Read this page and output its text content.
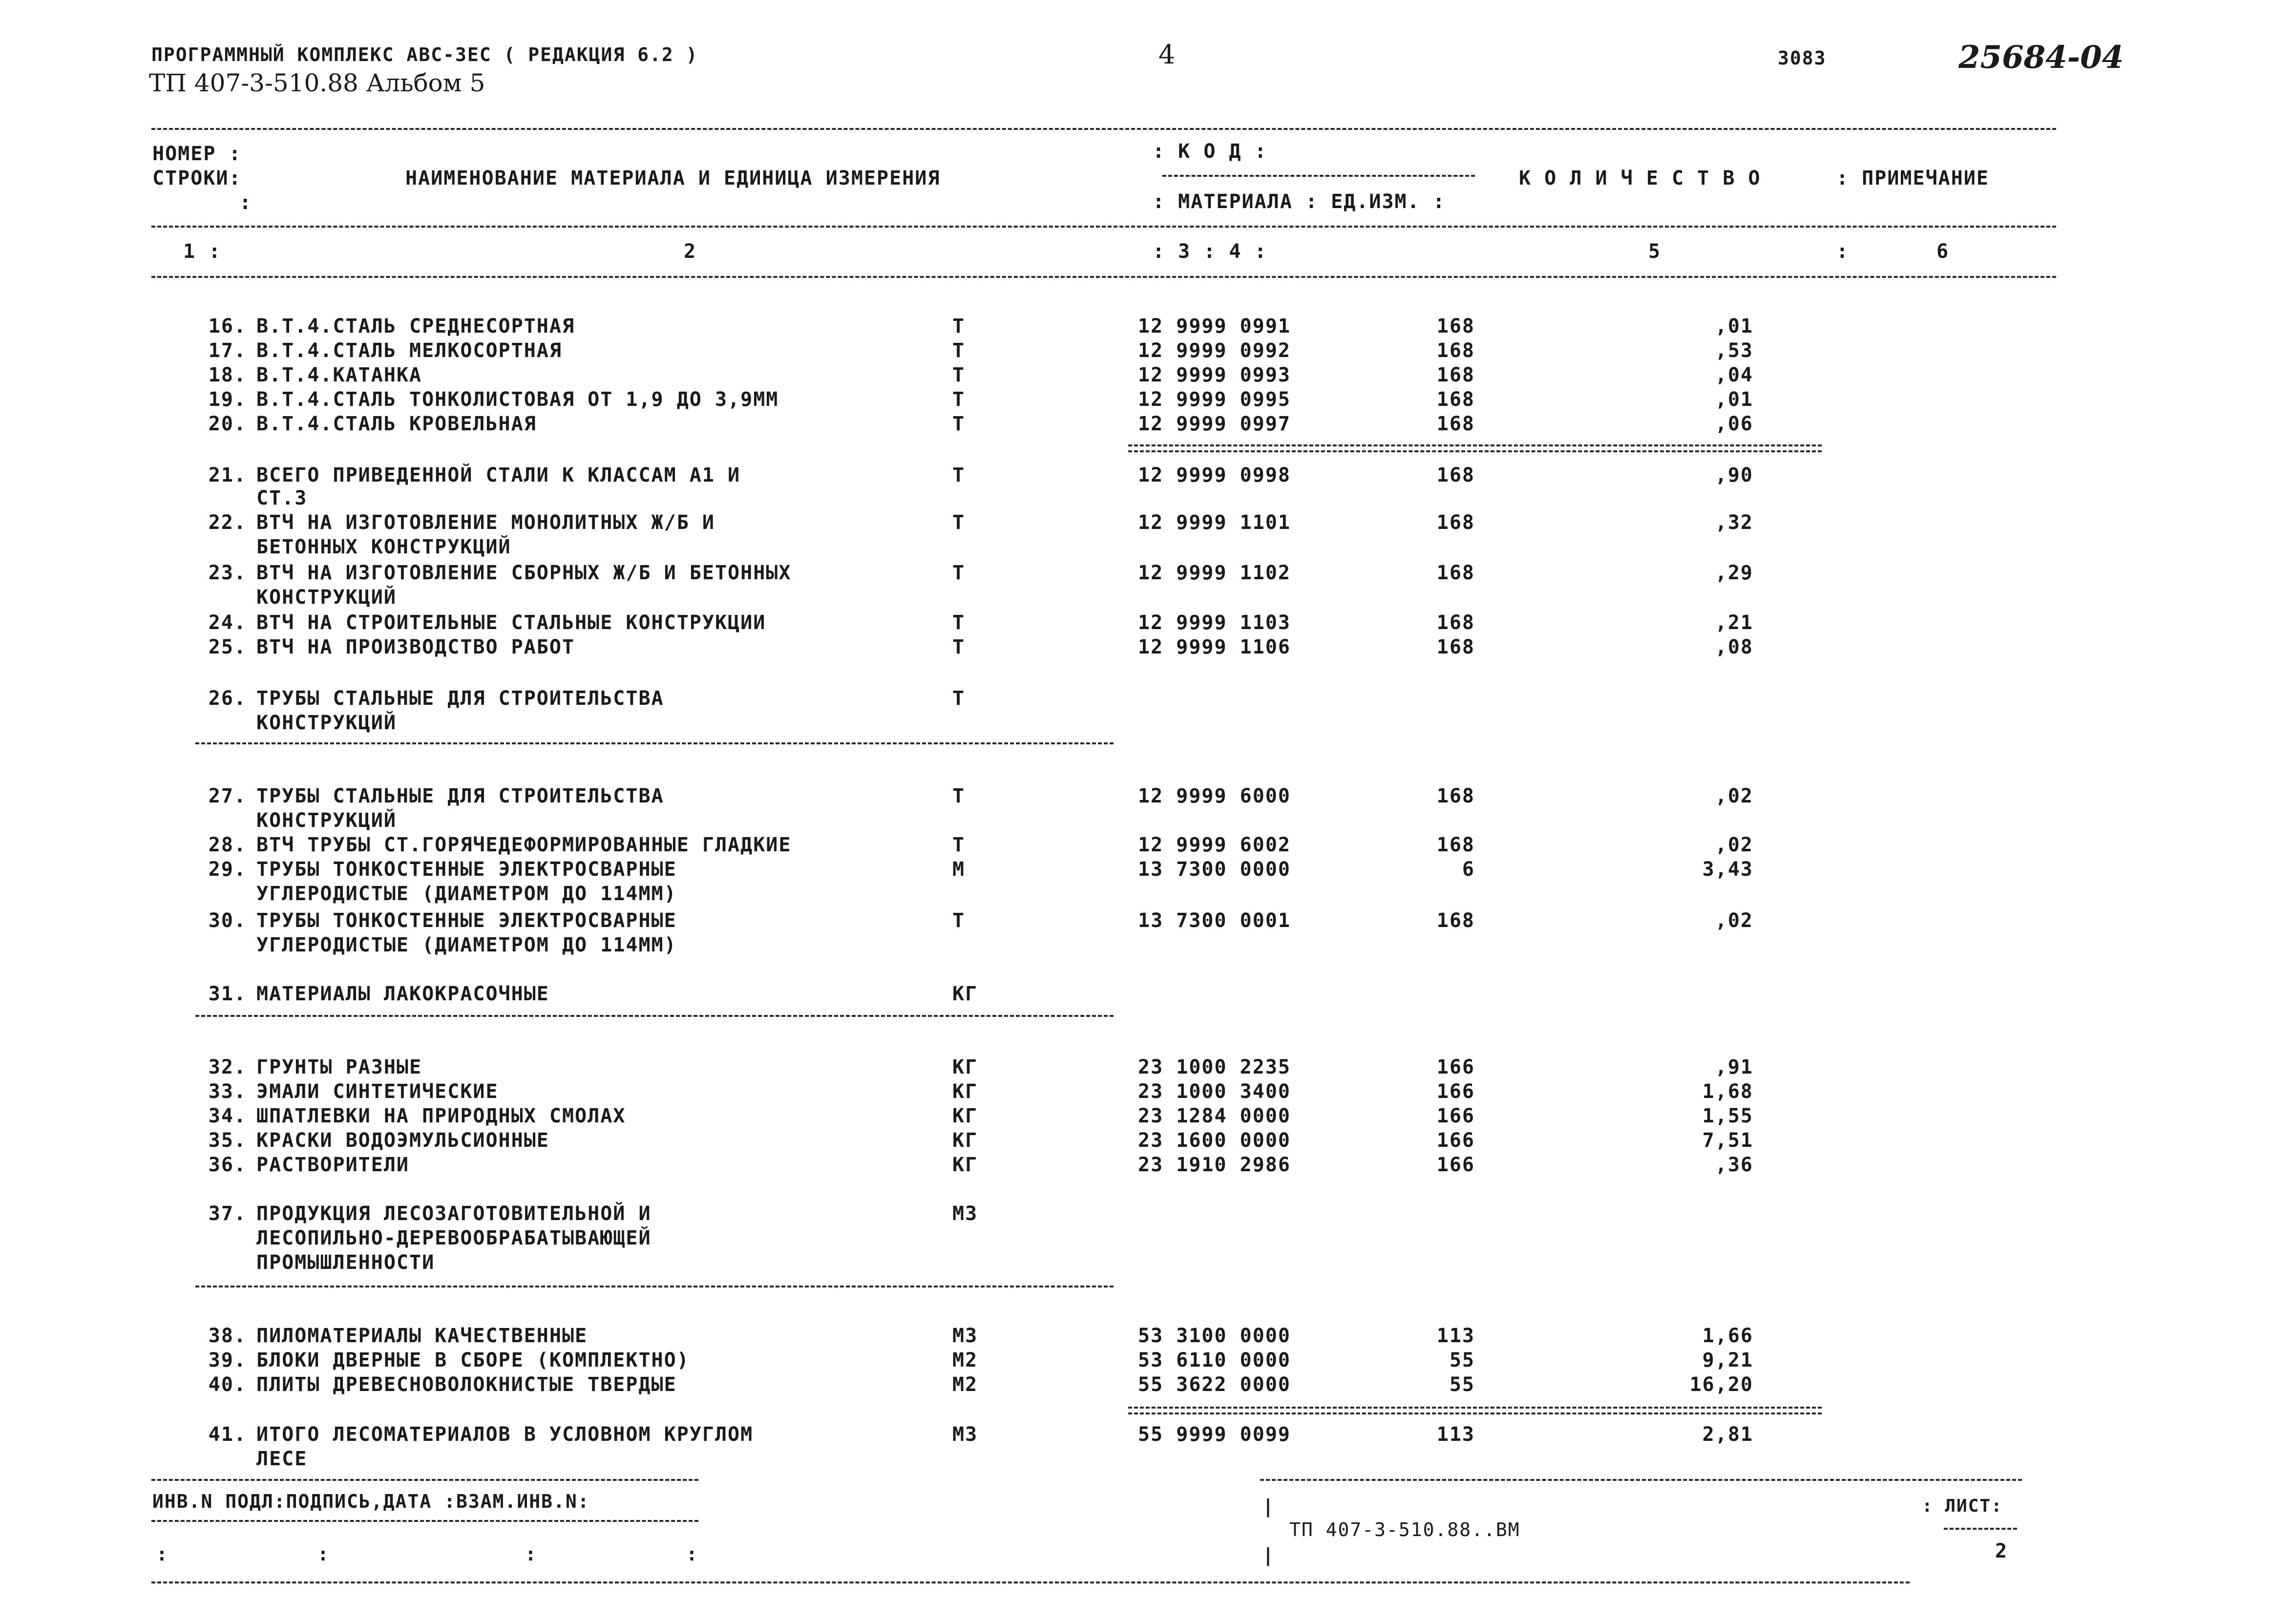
ПРОГРАММНЫЙ КОМПЛЕКС АВС-3ЕС ( РЕДАКЦИЯ 6.2 )
ТП 407-3-510.88 Альбом 5
4	3083	25684-04
НОМЕР :
СТРОКИ:
:
НАИМЕНОВАНИЕ МАТЕРИАЛА И ЕДИНИЦА ИЗМЕРЕНИЯ
: К О Д :
: МАТЕРИАЛА : ЕД.ИЗМ. :
К О Л И Ч Е С Т В О	: ПРИМЕЧАНИЕ
1 :	2	: 3 : 4 :	5	:	6
16. В.Т.4.СТАЛЬ СРЕДНЕСОРТНАЯ	Т	12 9999 0991	168	,01
17. В.Т.4.СТАЛЬ МЕЛКОСОРТНАЯ	Т	12 9999 0992	168	,53
18. В.Т.4.КАТАНКА	Т	12 9999 0993	168	,04
19. В.Т.4.СТАЛЬ ТОНКОЛИСТОВАЯ ОТ 1,9 ДО 3,9ММ	Т	12 9999 0995	168	,01
20. В.Т.4.СТАЛЬ КРОВЕЛЬНАЯ	Т	12 9999 0997	168	,06
21. ВСЕГО ПРИВЕДЕННОЙ СТАЛИ К КЛАССАМ А1 И	Т	12 9999 0998	168	,90
СТ.3
22. ВТЧ НА ИЗГОТОВЛЕНИЕ МОНОЛИТНЫХ Ж/Б И	Т	12 9999 1101	168	,32
БЕТОННЫХ КОНСТРУКЦИЙ
23. ВТЧ НА ИЗГОТОВЛЕНИЕ СБОРНЫХ Ж/Б И БЕТОННЫХ	Т	12 9999 1102	168	,29
КОНСТРУКЦИЙ
24. ВТЧ НА СТРОИТЕЛЬНЫЕ СТАЛЬНЫЕ КОНСТРУКЦИИ	Т	12 9999 1103	168	,21
25. ВТЧ НА ПРОИЗВОДСТВО РАБОТ	Т	12 9999 1106	168	,08
26. ТРУБЫ СТАЛЬНЫЕ ДЛЯ СТРОИТЕЛЬСТВА	Т
КОНСТРУКЦИЙ
27. ТРУБЫ СТАЛЬНЫЕ ДЛЯ СТРОИТЕЛЬСТВА	Т	12 9999 6000	168	,02
КОНСТРУКЦИЙ
28. ВТЧ ТРУБЫ СТ.ГОРЯЧЕДЕФОРМИРОВАННЫЕ ГЛАДКИЕ	Т	12 9999 6002	168	,02
29. ТРУБЫ ТОНКОСТЕННЫЕ ЭЛЕКТРОСВАРНЫЕ	М	13 7300 0000	6	3,43
УГЛЕРОДИСТЫЕ (ДИАМЕТРОМ ДО 114ММ)
30. ТРУБЫ ТОНКОСТЕННЫЕ ЭЛЕКТРОСВАРНЫЕ	Т	13 7300 0001	168	,02
УГЛЕРОДИСТЫЕ (ДИАМЕТРОМ ДО 114ММ)
31. МАТЕРИАЛЫ ЛАКОКРАСОЧНЫЕ	КГ
32. ГРУНТЫ РАЗНЫЕ	КГ	23 1000 2235	166	,91
33. ЭМАЛИ СИНТЕТИЧЕСКИЕ	КГ	23 1000 3400	166	1,68
34. ШПАТЛЕВКИ НА ПРИРОДНЫХ СМОЛАХ	КГ	23 1284 0000	166	1,55
35. КРАСКИ ВОДОЭМУЛЬСИОННЫЕ	КГ	23 1600 0000	166	7,51
36. РАСТВОРИТЕЛИ	КГ	23 1910 2986	166	,36
37. ПРОДУКЦИЯ ЛЕСОЗАГОТОВИТЕЛЬНОЙ И	М3
ЛЕСОПИЛЬНО-ДЕРЕВООБРАБАТЫВАЮЩЕЙ
ПРОМЫШЛЕННОСТИ
38. ПИЛОМАТЕРИАЛЫ КАЧЕСТВЕННЫЕ	М3	53 3100 0000	113	1,66
39. БЛОКИ ДВЕРНЫЕ В СБОРЕ (КОМПЛЕКТНО)	М2	53 6110 0000	55	9,21
40. ПЛИТЫ ДРЕВЕСНОВОЛОКНИСТЫЕ ТВЕРДЫЕ	М2	55 3622 0000	55	16,20
41. ИТОГО ЛЕСОМАТЕРИАЛОВ В УСЛОВНОМ КРУГЛОМ	М3	55 9999 0099	113	2,81
ЛЕСЕ
ИНВ.N ПОДЛ:ПОДПИСЬ,ДАТА :ВЗАМ.ИНВ.N:
:	:	:	:
|
|
ТП 407-3-510.88..ВМ
: ЛИСТ:
2
